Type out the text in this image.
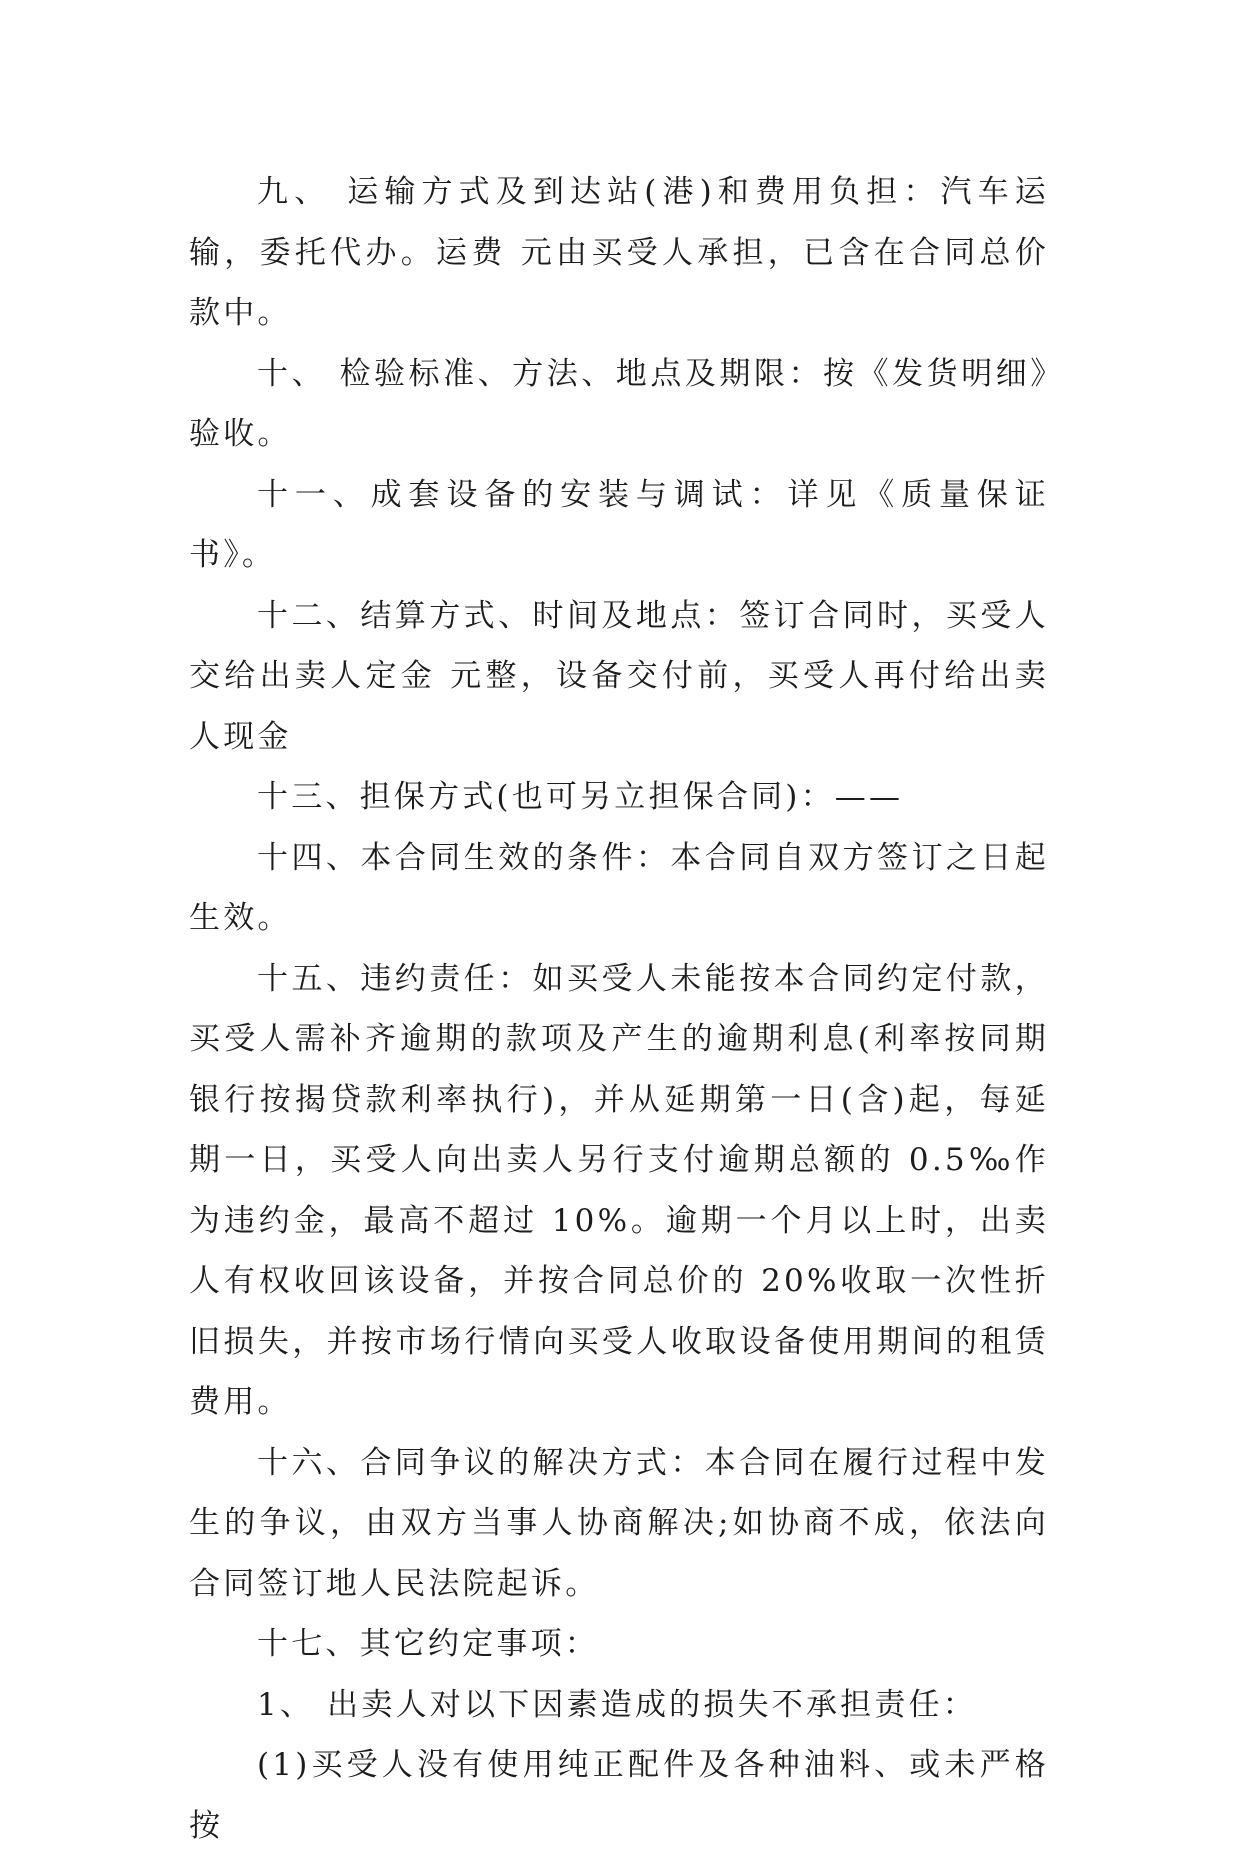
九、 运输方式及到达站(港)和费用负担：汽车运输，委托代办。运费 元由买受人承担，已含在合同总价款中。

十、 检验标准、方法、地点及期限：按《发货明细》验收。

十一、成套设备的安装与调试：详见《质量保证书》。

十二、结算方式、时间及地点：签订合同时，买受人交给出卖人定金 元整，设备交付前，买受人再付给出卖人现金

十三、担保方式(也可另立担保合同)：——

十四、本合同生效的条件：本合同自双方签订之日起生效。

十五、违约责任：如买受人未能按本合同约定付款，买受人需补齐逾期的款项及产生的逾期利息(利率按同期银行按揭贷款利率执行)，并从延期第一日(含)起，每延期一日，买受人向出卖人另行支付逾期总额的 0.5‰作为违约金，最高不超过 10%。逾期一个月以上时，出卖人有权收回该设备，并按合同总价的 20%收取一次性折旧损失，并按市场行情向买受人收取设备使用期间的租赁费用。

十六、合同争议的解决方式：本合同在履行过程中发生的争议，由双方当事人协商解决;如协商不成，依法向合同签订地人民法院起诉。

十七、其它约定事项：

1、 出卖人对以下因素造成的损失不承担责任：

(1)买受人没有使用纯正配件及各种油料、或未严格按
